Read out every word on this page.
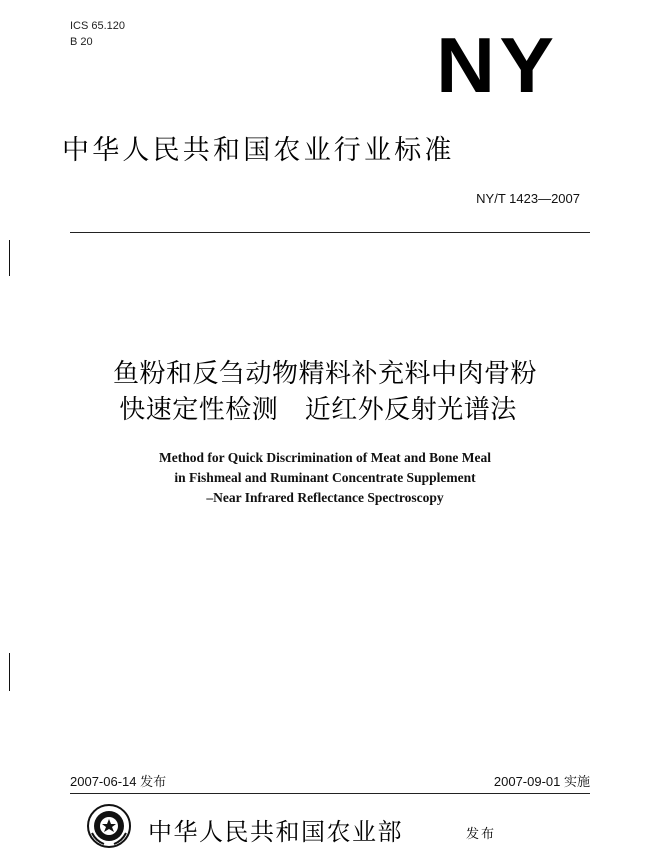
ICS 65.120
B 20	NY
中华人民共和国农业行业标准
NY/T 1423—2007
鱼粉和反刍动物精料补充料中肉骨粉
快速定性检测　近红外反射光谱法
Method for Quick Discrimination of Meat and Bone Meal
in Fishmeal and Ruminant Concentrate Supplement
–Near Infrared Reflectance Spectroscopy
2007-06-14 发布	2007-09-01 实施
中华人民共和国农业部	发布
